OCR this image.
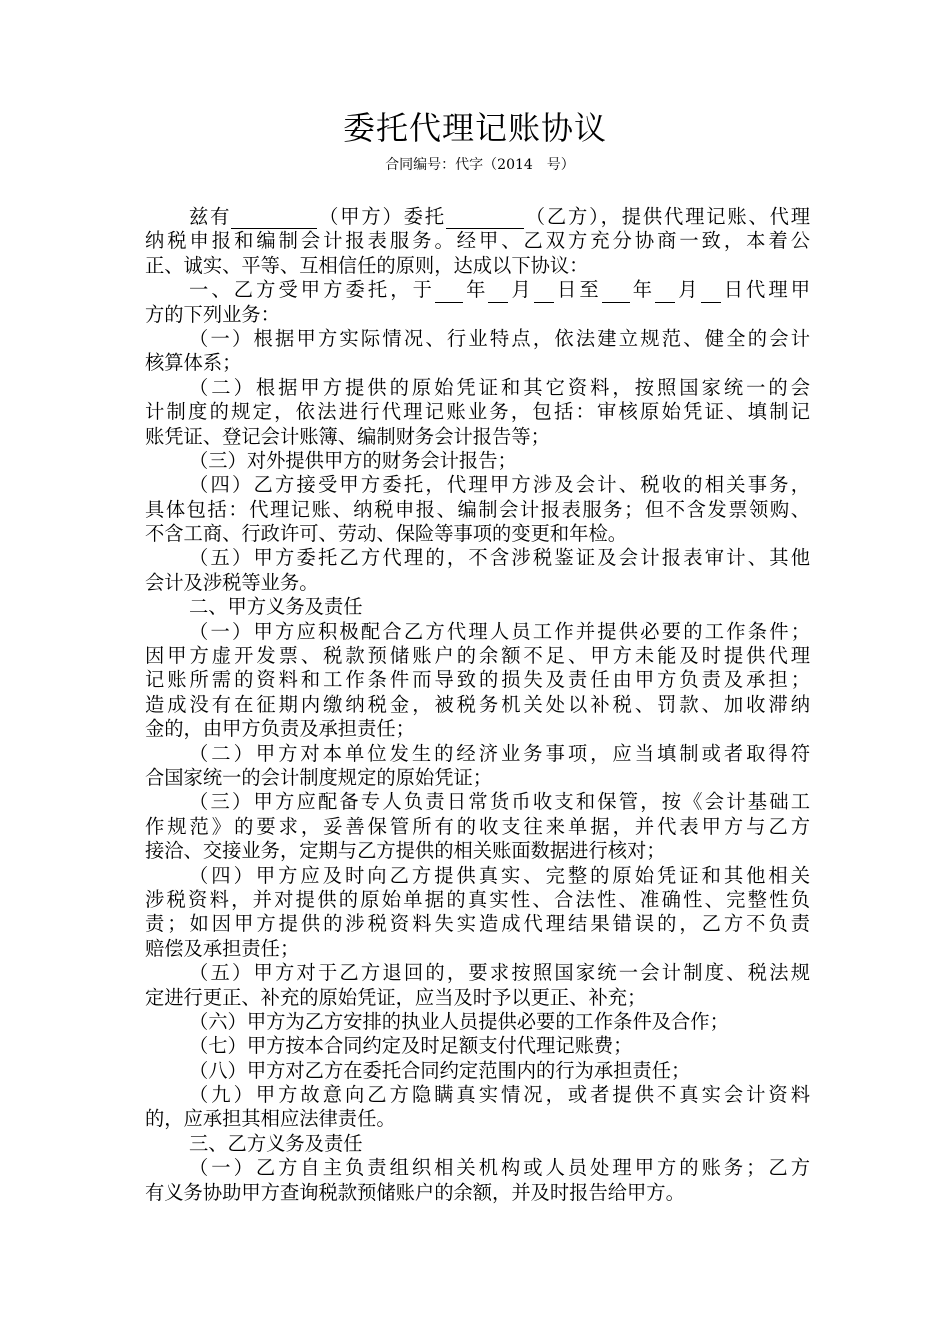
委托代理记账协议
合同编号：代字（2014　号）
兹有	（甲方）委托	（乙方），提供代理记账、代理
纳税申报和编制会计报表服务。经甲、乙双方充分协商一致，本着公
正、诚实、平等、互相信任的原则，达成以下协议：
一、乙方受甲方委托，于 年 月 日至 年 月 日代理甲
方的下列业务：
（一）根据甲方实际情况、行业特点，依法建立规范、健全的会计
核算体系；
（二）根据甲方提供的原始凭证和其它资料，按照国家统一的会
计制度的规定，依法进行代理记账业务，包括：审核原始凭证、填制记
账凭证、登记会计账簿、编制财务会计报告等；
（三）对外提供甲方的财务会计报告；
（四）乙方接受甲方委托，代理甲方涉及会计、税收的相关事务，
具体包括：代理记账、纳税申报、编制会计报表服务；但不含发票领购、
不含工商、行政许可、劳动、保险等事项的变更和年检。
（五）甲方委托乙方代理的，不含涉税鉴证及会计报表审计、其他
会计及涉税等业务。
二、甲方义务及责任
（一）甲方应积极配合乙方代理人员工作并提供必要的工作条件；
因甲方虚开发票、税款预储账户的余额不足、甲方未能及时提供代理
记账所需的资料和工作条件而导致的损失及责任由甲方负责及承担；
造成没有在征期内缴纳税金，被税务机关处以补税、罚款、加收滞纳
金的，由甲方负责及承担责任；
（二）甲方对本单位发生的经济业务事项，应当填制或者取得符
合国家统一的会计制度规定的原始凭证；
（三）甲方应配备专人负责日常货币收支和保管，按《会计基础工
作规范》的要求，妥善保管所有的收支往来单据，并代表甲方与乙方
接洽、交接业务，定期与乙方提供的相关账面数据进行核对；
（四）甲方应及时向乙方提供真实、完整的原始凭证和其他相关
涉税资料，并对提供的原始单据的真实性、合法性、准确性、完整性负
责；如因甲方提供的涉税资料失实造成代理结果错误的，乙方不负责
赔偿及承担责任；
（五）甲方对于乙方退回的，要求按照国家统一会计制度、税法规
定进行更正、补充的原始凭证，应当及时予以更正、补充；
（六）甲方为乙方安排的执业人员提供必要的工作条件及合作；
（七）甲方按本合同约定及时足额支付代理记账费；
（八）甲方对乙方在委托合同约定范围内的行为承担责任；
（九）甲方故意向乙方隐瞒真实情况，或者提供不真实会计资料
的，应承担其相应法律责任。
三、乙方义务及责任
（一）乙方自主负责组织相关机构或人员处理甲方的账务；乙方
有义务协助甲方查询税款预储账户的余额，并及时报告给甲方。
